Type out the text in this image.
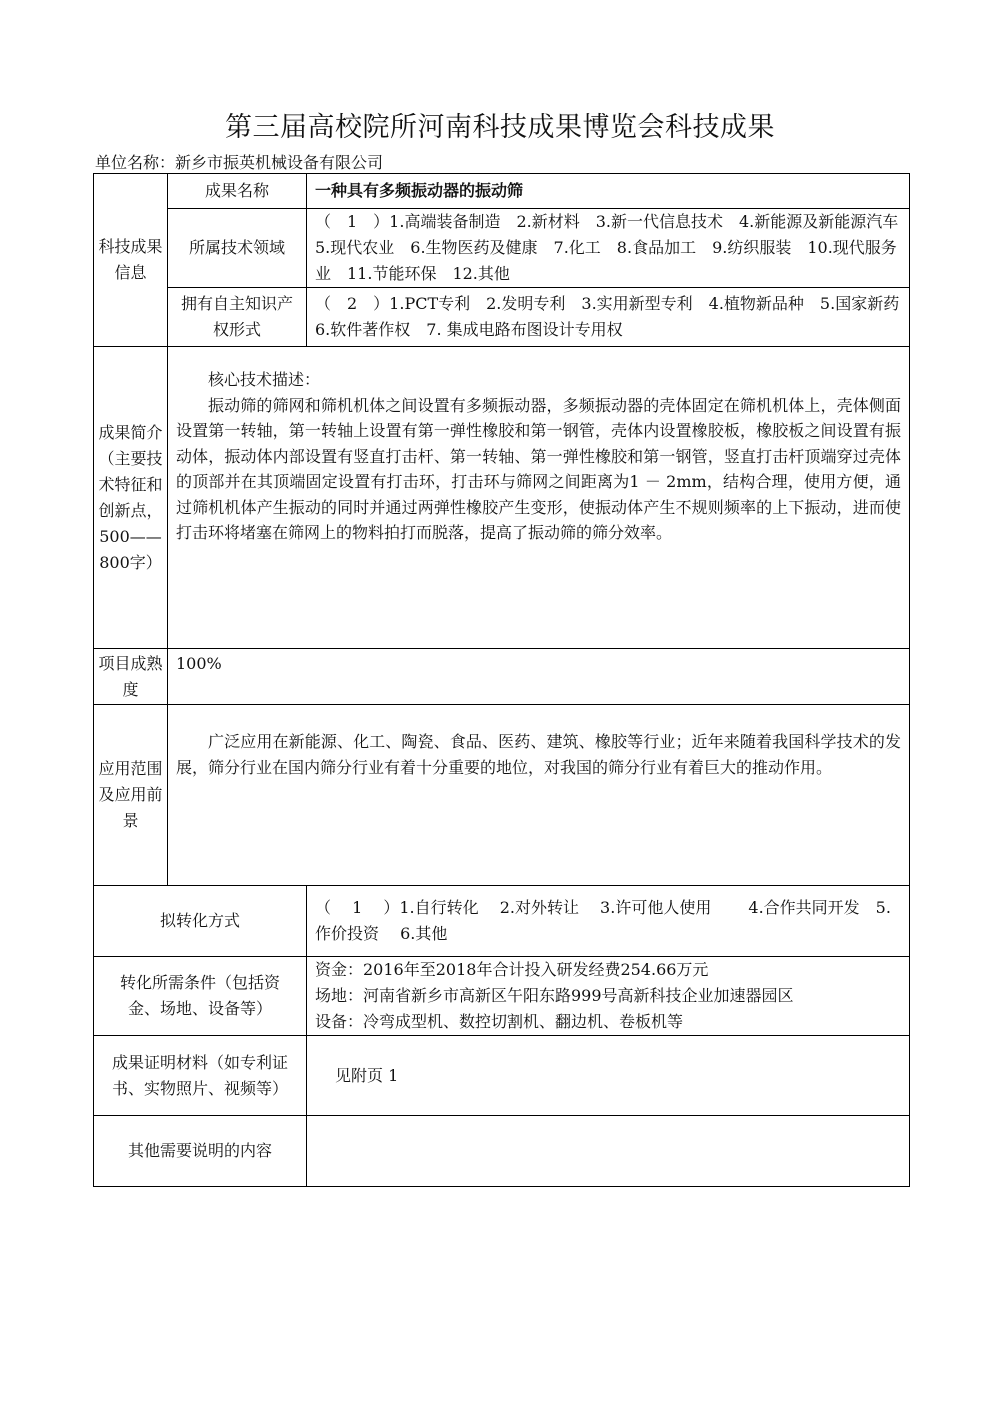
第三届高校院所河南科技成果博览会科技成果
单位名称：新乡市振英机械设备有限公司
科技成果信息	成果名称	一种具有多频振动器的振动筛
	所属技术领域	（　1　）1.高端装备制造　2.新材料　3.新一代信息技术　4.新能源及新能源汽车　5.现代农业　6.生物医药及健康　7.化工　8.食品加工　9.纺织服装　10.现代服务业　11.节能环保　12.其他
	拥有自主知识产权形式	（　2　）1.PCT专利　2.发明专利　3.实用新型专利　4.植物新品种　5.国家新药　6.软件著作权　7. 集成电路布图设计专用权
成果简介（主要技术特征和创新点，500——800字）	核心技术描述：

振动筛的筛网和筛机机体之间设置有多频振动器，多频振动器的壳体固定在筛机机体上，壳体侧面设置第一转轴，第一转轴上设置有第一弹性橡胶和第一钢管，壳体内设置橡胶板，橡胶板之间设置有振动体，振动体内部设置有竖直打击杆、第一转轴、第一弹性橡胶和第一钢管，竖直打击杆顶端穿过壳体的顶部并在其顶端固定设置有打击环，打击环与筛网之间距离为1 － 2mm，结构合理，使用方便，通过筛机机体产生振动的同时并通过两弹性橡胶产生变形，使振动体产生不规则频率的上下振动，进而使打击环将堵塞在筛网上的物料拍打而脱落，提高了振动筛的筛分效率。	

项目成熟度	100%	
应用范围及应用前景	广泛应用在新能源、化工、陶瓷、食品、医药、建筑、橡胶等行业；近年来随着我国科学技术的发展，筛分行业在国内筛分行业有着十分重要的地位，对我国的筛分行业有着巨大的推动作用。	

拟转化方式		（　 1　 ）1.自行转化　 2.对外转让　 3.许可他人使用　　 4.合作共同开发　5.作价投资　 6.其他
转化所需条件（包括资金、场地、设备等）		资金：2016年至2018年合计投入研发经费254.66万元
场地：河南省新乡市高新区午阳东路999号高新科技企业加速器园区
设备：冷弯成型机、数控切割机、翻边机、卷板机等

成果证明材料（如专利证书、实物照片、视频等）		见附页 1
其他需要说明的内容		
